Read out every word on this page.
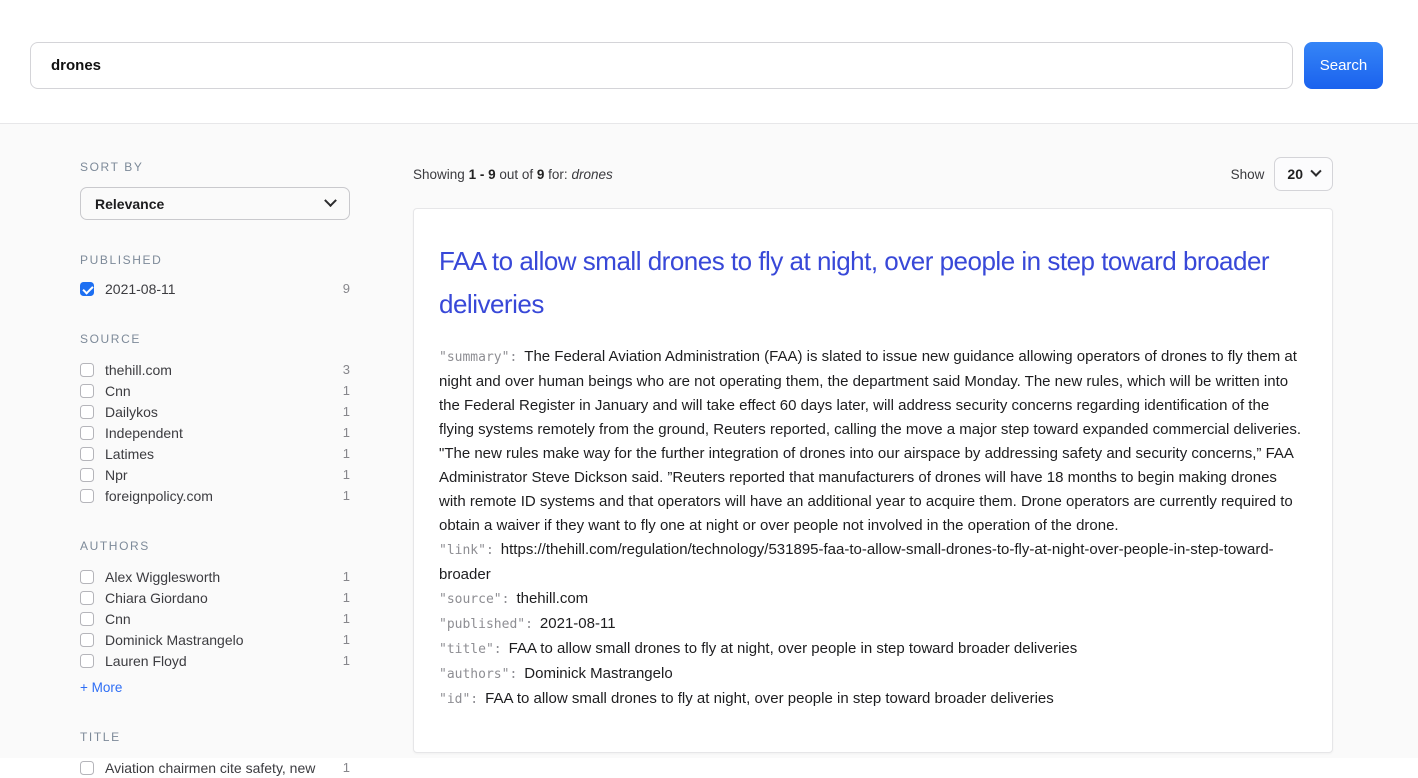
drones
Search
SORT BY
Relevance
PUBLISHED
2021-08-11	9
SOURCE
thehill.com	3
Cnn	1
Dailykos	1
Independent	1
Latimes	1
Npr	1
foreignpolicy.com	1
AUTHORS
Alex Wigglesworth	1
Chiara Giordano	1
Cnn	1
Dominick Mastrangelo	1
Lauren Floyd	1
+ More
TITLE
Aviation chairmen cite safety, new	1
Showing 1 - 9 out of 9 for: drones	Show 20
FAA to allow small drones to fly at night, over people in step toward broader deliveries
"summary": The Federal Aviation Administration (FAA) is slated to issue new guidance allowing operators of drones to fly them at night and over human beings who are not operating them, the department said Monday. The new rules, which will be written into the Federal Register in January and will take effect 60 days later, will address security concerns regarding identification of the flying systems remotely from the ground, Reuters reported, calling the move a major step toward expanded commercial deliveries. "The new rules make way for the further integration of drones into our airspace by addressing safety and security concerns,” FAA Administrator Steve Dickson said. ”Reuters reported that manufacturers of drones will have 18 months to begin making drones with remote ID systems and that operators will have an additional year to acquire them. Drone operators are currently required to obtain a waiver if they want to fly one at night or over people not involved in the operation of the drone.
"link": https://thehill.com/regulation/technology/531895-faa-to-allow-small-drones-to-fly-at-night-over-people-in-step-toward-broader
"source": thehill.com
"published": 2021-08-11
"title": FAA to allow small drones to fly at night, over people in step toward broader deliveries
"authors": Dominick Mastrangelo
"id": FAA to allow small drones to fly at night, over people in step toward broader deliveries
